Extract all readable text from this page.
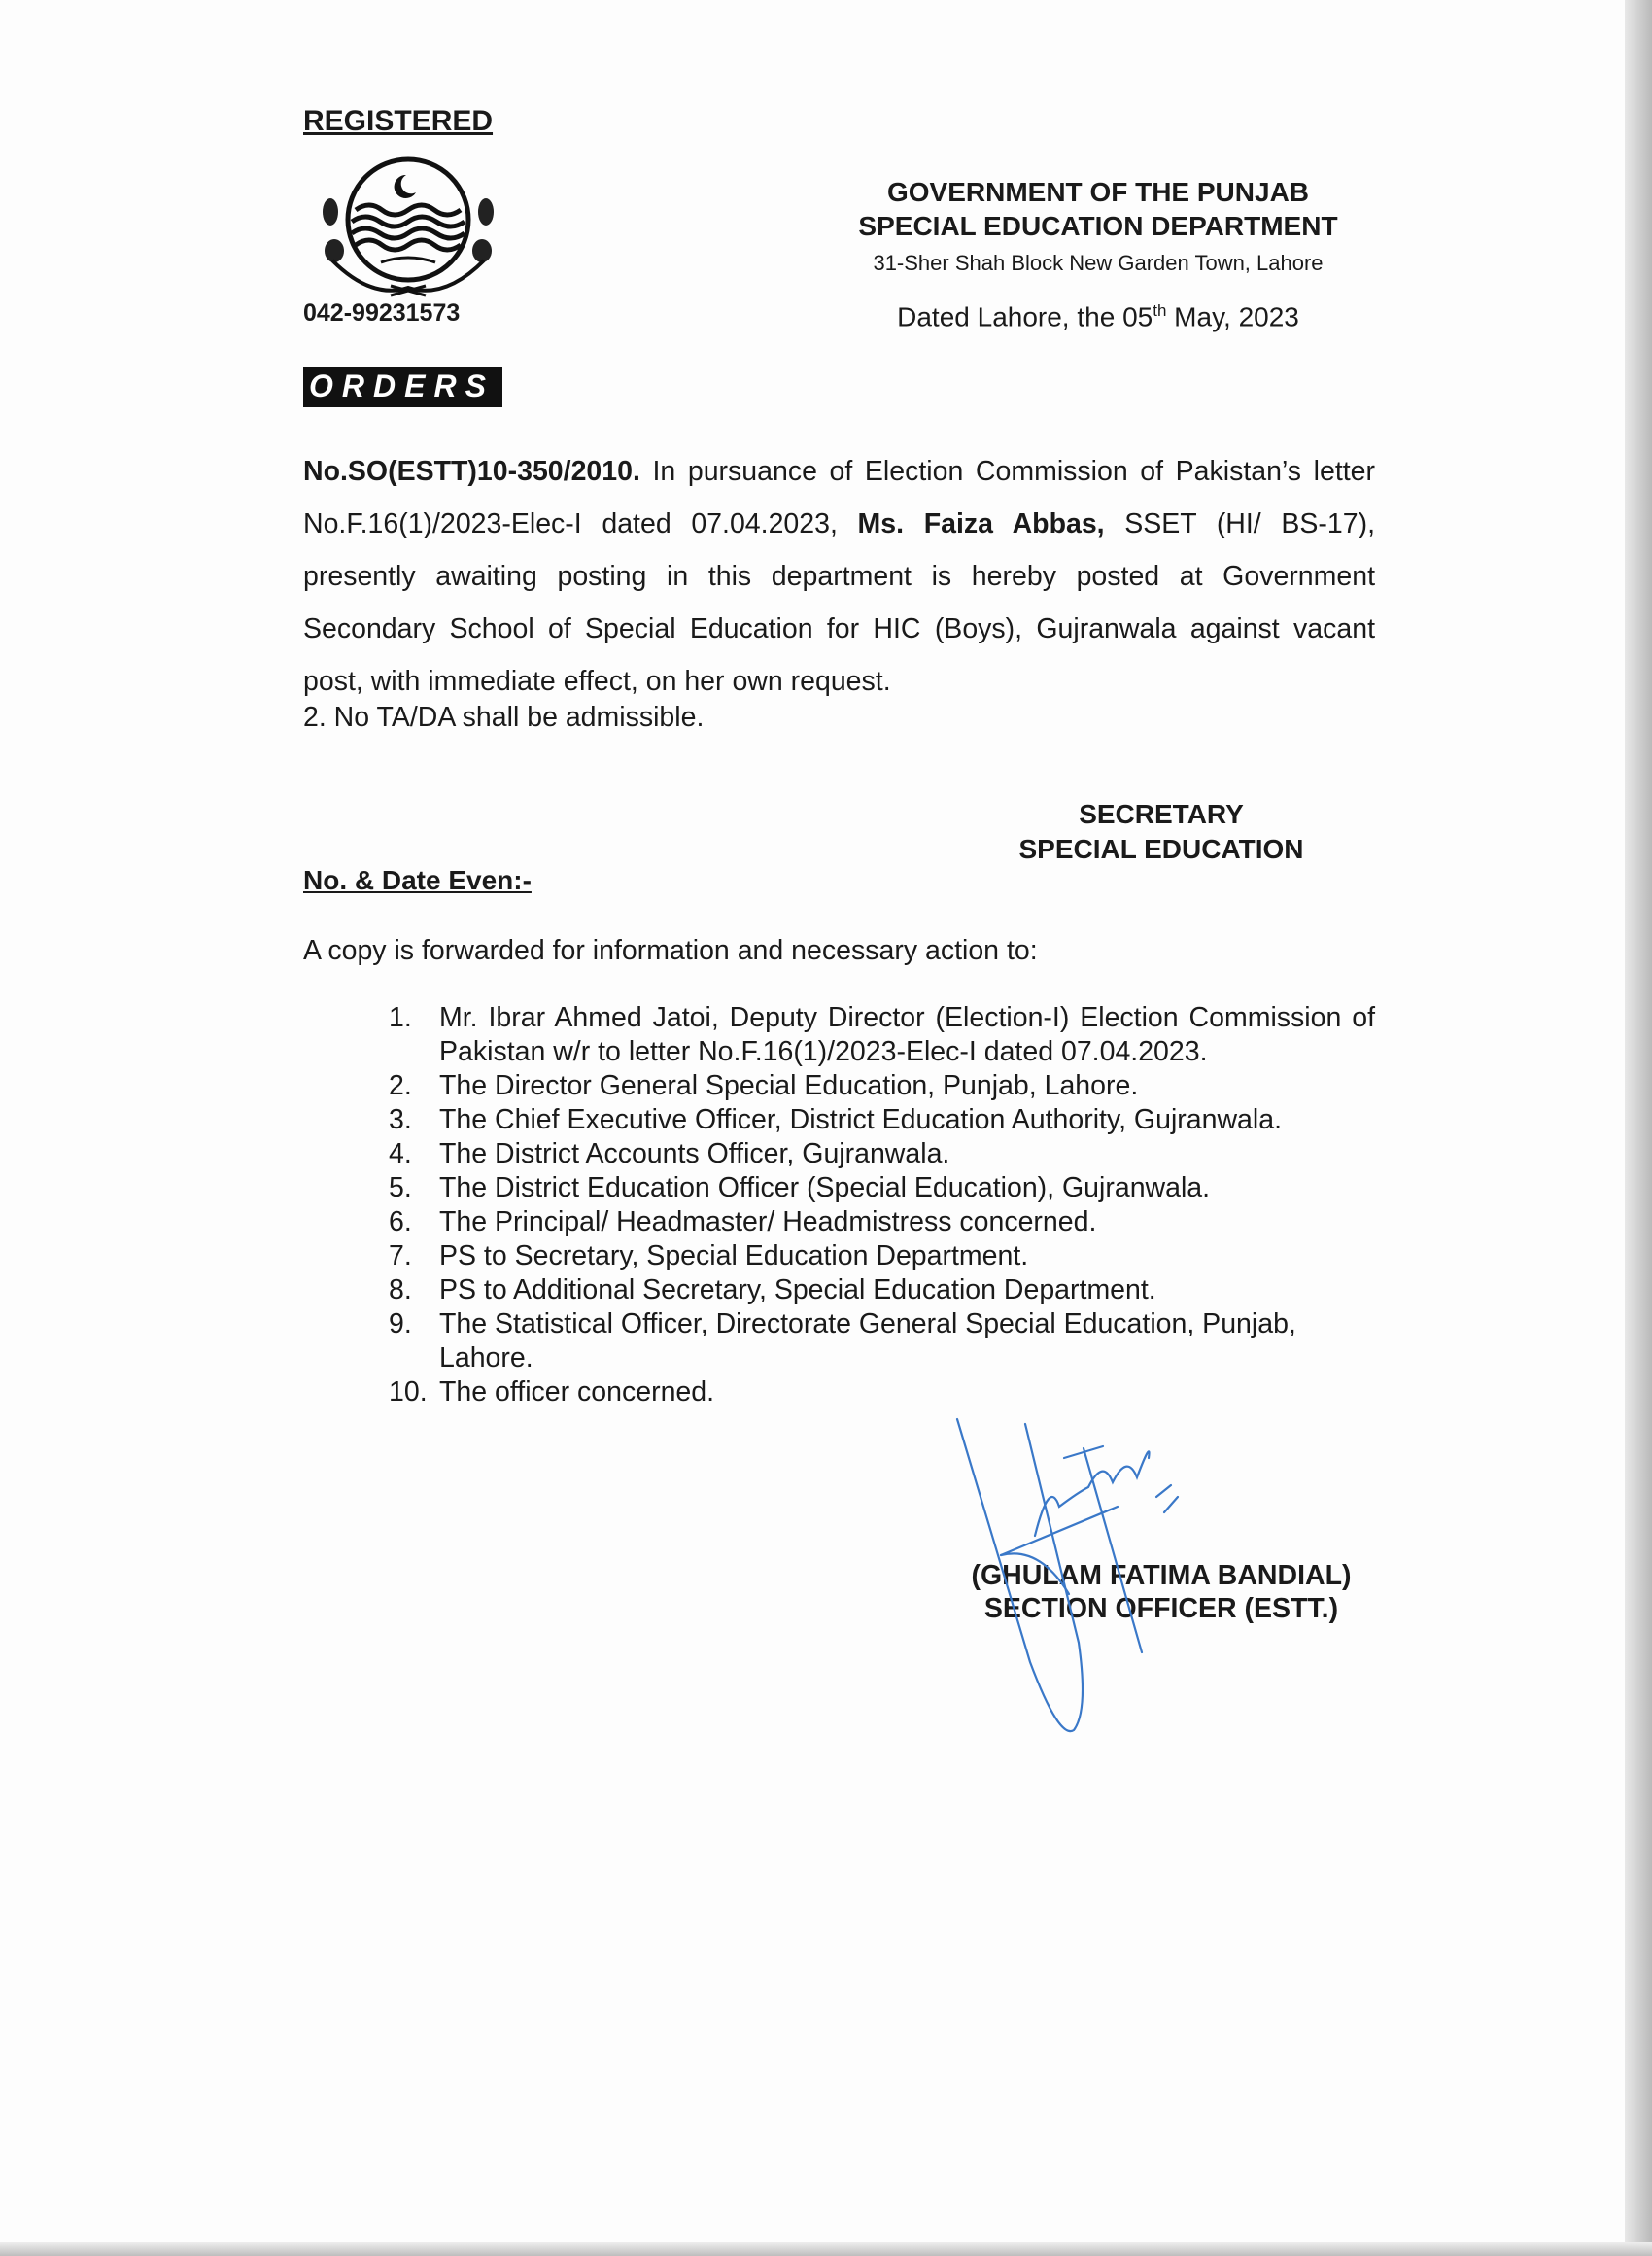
REGISTERED
042-99231573
GOVERNMENT OF THE PUNJAB
SPECIAL EDUCATION DEPARTMENT
31-Sher Shah Block New Garden Town, Lahore
Dated Lahore, the 05th May, 2023
ORDERS
No.SO(ESTT)10-350/2010. In pursuance of Election Commission of Pakistan’s letter No.F.16(1)/2023-Elec-I dated 07.04.2023, Ms. Faiza Abbas, SSET (HI/ BS-17), presently awaiting posting in this department is hereby posted at Government Secondary School of Special Education for HIC (Boys), Gujranwala against vacant post, with immediate effect, on her own request.
2. No TA/DA shall be admissible.
SECRETARY
SPECIAL EDUCATION
No. & Date Even:-
A copy is forwarded for information and necessary action to:
1. Mr. Ibrar Ahmed Jatoi, Deputy Director (Election-I) Election Commission of Pakistan w/r to letter No.F.16(1)/2023-Elec-I dated 07.04.2023.
2. The Director General Special Education, Punjab, Lahore.
3. The Chief Executive Officer, District Education Authority, Gujranwala.
4. The District Accounts Officer, Gujranwala.
5. The District Education Officer (Special Education), Gujranwala.
6. The Principal/ Headmaster/ Headmistress concerned.
7. PS to Secretary, Special Education Department.
8. PS to Additional Secretary, Special Education Department.
9. The Statistical Officer, Directorate General Special Education, Punjab, Lahore.
10. The officer concerned.
(GHULAM FATIMA BANDIAL)
SECTION OFFICER (ESTT.)
